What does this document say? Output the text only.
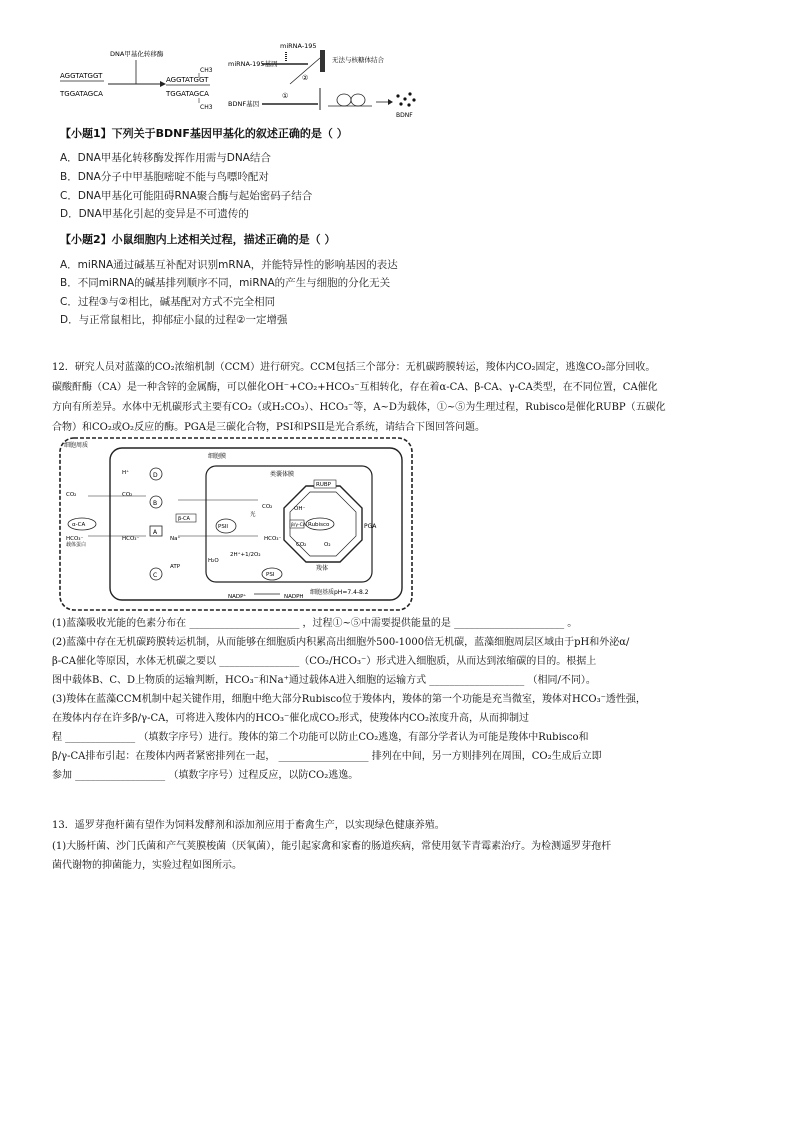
AGGTATGGT
TGGATAGCA
DNA甲基化转移酶
CH3
AGGTATGGT
TGGATAGCA
CH3
miRNA-195基因
miRNA-195
②
无法与核糖体结合
BDNF基因
①
BDNF
【小题1】下列关于BDNF基因甲基化的叙述正确的是（ ）
A．DNA甲基化转移酶发挥作用需与DNA结合
B．DNA分子中甲基胞嘧啶不能与鸟嘌呤配对
C．DNA甲基化可能阻碍RNA聚合酶与起始密码子结合
D．DNA甲基化引起的变异是不可遗传的
【小题2】小鼠细胞内上述相关过程，描述正确的是（ ）
A．miRNA通过碱基互补配对识别mRNA，并能特异性的影响基因的表达
B．不同miRNA的碱基排列顺序不同，miRNA的产生与细胞的分化无关
C．过程③与②相比，碱基配对方式不完全相同
D．与正常鼠相比，抑郁症小鼠的过程②一定增强
12．研究人员对蓝藻的CO₂浓缩机制（CCM）进行研究。CCM包括三个部分：无机碳跨膜转运，羧体内CO₂固定，逃逸CO₂部分回收。
碳酸酐酶（CA）是一种含锌的金属酶，可以催化OH⁻+CO₂+HCO₃⁻互相转化，存在着α-CA、β-CA、γ-CA类型，在不同位置，CA催化
方向有所差异。水体中无机碳形式主要有CO₂（或H₂CO₃）、HCO₃⁻等，A~D为载体，①~⑤为生理过程，Rubisco是催化RUBP（五碳化
合物）和CO₂或O₂反应的酶。PGA是三碳化合物，PSI和PSII是光合系统，请结合下图回答问题。
细胞周质
细胞膜
类囊体膜
羧体
RUBP
Rubisco	PGA
β/γ-CA
CO₂	O₂
OH⁻
PSII
PSI
2H⁺+1/2O₂
H₂O
NADP⁺	NADPH
细胞基质pH=7.4-8.2
D
A
B
C
α-CA
载体蛋白
CO₂
HCO₃⁻	HCO₃⁻
CO₂
Na⁺
ATP
H⁺
β-CA
CO₂
HCO₃⁻
光
(1)蓝藻吸收光能的色素分布在 ______________________ ，过程①~⑤中需要提供能量的是 ______________________ 。
(2)蓝藻中存在无机碳跨膜转运机制，从而能够在细胞质内积累高出细胞外500-1000倍无机碳，蓝藻细胞周层区域由于pH和外泌α/
β-CA催化等原因，水体无机碳之要以 ________________（CO₂/HCO₃⁻）形式进入细胞质，从而达到浓缩碳的目的。根据上
图中载体B、C、D上物质的运输判断，HCO₃⁻和Na⁺通过载体A进入细胞的运输方式 ___________________ （相同/不同）。
(3)羧体在蓝藻CCM机制中起关键作用，细胞中绝大部分Rubisco位于羧体内，羧体的第一个功能是充当微室，羧体对HCO₃⁻透性强，
在羧体内存在许多β/γ-CA，可将进入羧体内的HCO₃⁻催化成CO₂形式，使羧体内CO₂浓度升高，从而抑制过
程 ______________ （填数字序号）进行。羧体的第二个功能可以防止CO₂逃逸，有部分学者认为可能是羧体中Rubisco和
β/γ-CA排布引起：在羧体内两者紧密排列在一起， __________________ 排列在中间，另一方则排列在周围，CO₂生成后立即
参加 __________________ （填数字序号）过程反应，以防CO₂逃逸。
13．遥罗芽孢杆菌有望作为饲料发酵剂和添加剂应用于畜禽生产，以实现绿色健康养殖。
(1)大肠杆菌、沙门氏菌和产气荚膜梭菌（厌氧菌），能引起家禽和家畜的肠道疾病，常使用氨苄青霉素治疗。为检测遥罗芽孢杆
菌代谢物的抑菌能力，实验过程如图所示。
